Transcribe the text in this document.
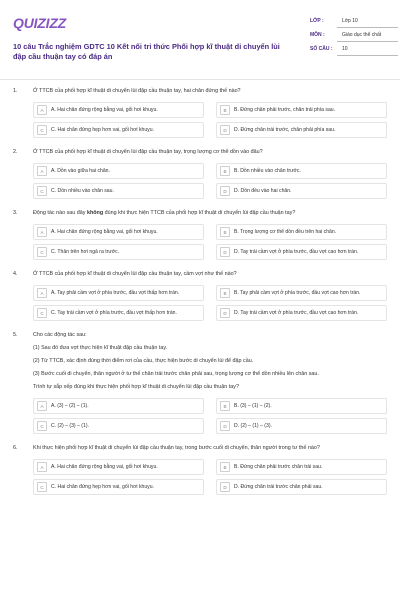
QUIZIZZ
10 câu Trắc nghiệm GDTC 10 Kết nối tri thức Phối hợp kĩ thuật di chuyển lùi đập cầu thuận tay có đáp án
LỚP :	Lớp 10
MÔN :	Giáo dục thể chất
SỐ CÂU :	10
1.	Ở TTCB của phối hợp kĩ thuật di chuyển lùi đập cầu thuận tay, hai chân đứng thế nào?
A	A. Hai chân đứng rộng bằng vai, gối hơi khuỵu.	B	B. Đứng chân phải trước, chân trái phía sau.
C	C. Hai chân đứng hẹp hơn vai, gối hơi khuỵu.	D	D. Đứng chân trái trước, chân phải phía sau.
2.	Ở TTCB của phối hợp kĩ thuật di chuyển lùi đập cầu thuận tay, trọng lượng cơ thể dồn vào đâu?
A	A. Dồn vào giữa hai chân.	B	B. Dồn nhiều vào chân trước.
C	C. Dồn nhiều vào chân sau.	D	D. Dồn đều vào hai chân.
3.	Động tác nào sau đây không đúng khi thực hiện TTCB của phối hợp kĩ thuật di chuyển lùi đập cầu thuận tay?
A	A. Hai chân đứng rộng bằng vai, gối hơi khuỵu.	B	B. Trọng lượng cơ thể dồn đều trên hai chân.
C	C. Thân trên hơi ngả ra trước.	D	D. Tay trái cầm vợt ở phía trước, đầu vợt cao hơn trán.
4.	Ở TTCB của phối hợp kĩ thuật di chuyển lùi đập cầu thuận tay, cầm vợt như thế nào?
A	A. Tay phải cầm vợt ở phía trước, đầu vợt thấp hơn trán.	B	B. Tay phải cầm vợt ở phía trước, đầu vợt cao hơn trán.
C	C. Tay trái cầm vợt ở phía trước, đầu vợt thấp hơn trán.	D	D. Tay trái cầm vợt ở phía trước, đầu vợt cao hơn trán.
5.	Cho các động tác sau:
(1) Sau đó đưa vợt thực hiện kĩ thuật đập cầu thuận tay.
(2) Từ TTCB, xác định đúng thời điểm rơi của cầu, thực hiện bước di chuyển lùi để đập cầu.
(3) Bước cuối di chuyển, thân người ở tư thế chân trái trước chân phải sau, trọng lượng cơ thể dồn nhiều lên chân sau.
Trình tự sắp xếp đúng khi thực hiện phối hợp kĩ thuật di chuyển lùi đập cầu thuận tay?
A	A. (3) – (2) – (1).	B	B. (3) – (1) – (2).
C	C. (2) – (3) – (1).	D	D. (2) – (1) – (3).
6.	Khi thực hiện phối hợp kĩ thuật di chuyển lùi đập cầu thuận tay, trong bước cuối di chuyển, thân người trong tư thế nào?
A	A. Hai chân đứng rộng bằng vai, gối hơi khuỵu.	B	B. Đứng chân phải trước chân trái sau.
C	C. Hai chân đứng hẹp hơn vai, gối hơi khuỵu.	D	D. Đứng chân trái trước chân phải sau.
